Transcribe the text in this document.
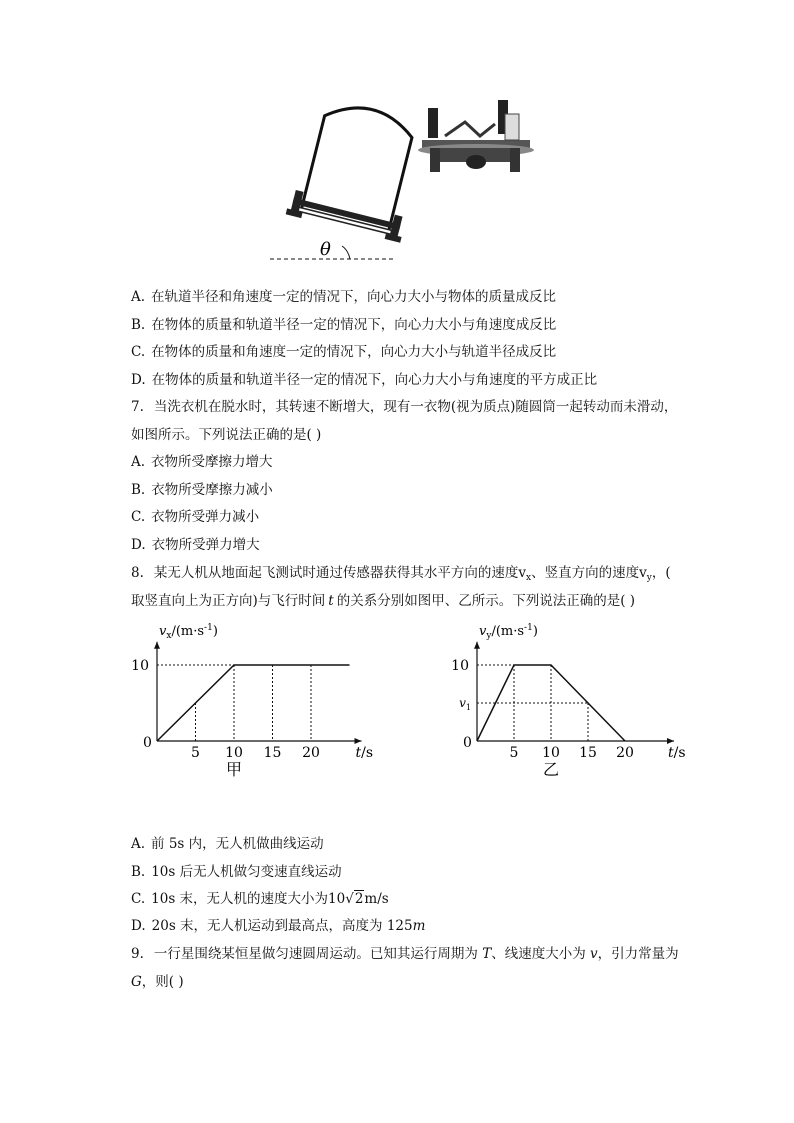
θ
A. 在轨道半径和角速度一定的情况下，向心力大小与物体的质量成反比
B. 在物体的质量和轨道半径一定的情况下，向心力大小与角速度成反比
C. 在物体的质量和角速度一定的情况下，向心力大小与轨道半径成反比
D. 在物体的质量和轨道半径一定的情况下，向心力大小与角速度的平方成正比
7. 当洗衣机在脱水时，其转速不断增大，现有一衣物(视为质点)随圆筒一起转动而未滑动，
如图所示。下列说法正确的是( )
A. 衣物所受摩擦力增大
B. 衣物所受摩擦力减小
C. 衣物所受弹力减小
D. 衣物所受弹力增大
8. 某无人机从地面起飞测试时通过传感器获得其水平方向的速度$v_x$、竖直方向的速度$v_y$，(
取竖直向上为正方向)与飞行时间 t 的关系分别如图甲、乙所示。下列说法正确的是( )
0
5 10 15 20
10
$v_x/(m\cdot s^{-1})$
t/s
甲
0
5 10 15 20
10
$v_y/(m\cdot s^{-1})$
t/s
乙
$v_1$
A. 前 5s 内，无人机做曲线运动
B. 10s 后无人机做匀变速直线运动
C. 10s 末，无人机的速度大小为10√2m/s
D. 20s 末，无人机运动到最高点，高度为 125m
9. 一行星围绕某恒星做匀速圆周运动。已知其运行周期为 T、线速度大小为 v，引力常量为
G，则( )
